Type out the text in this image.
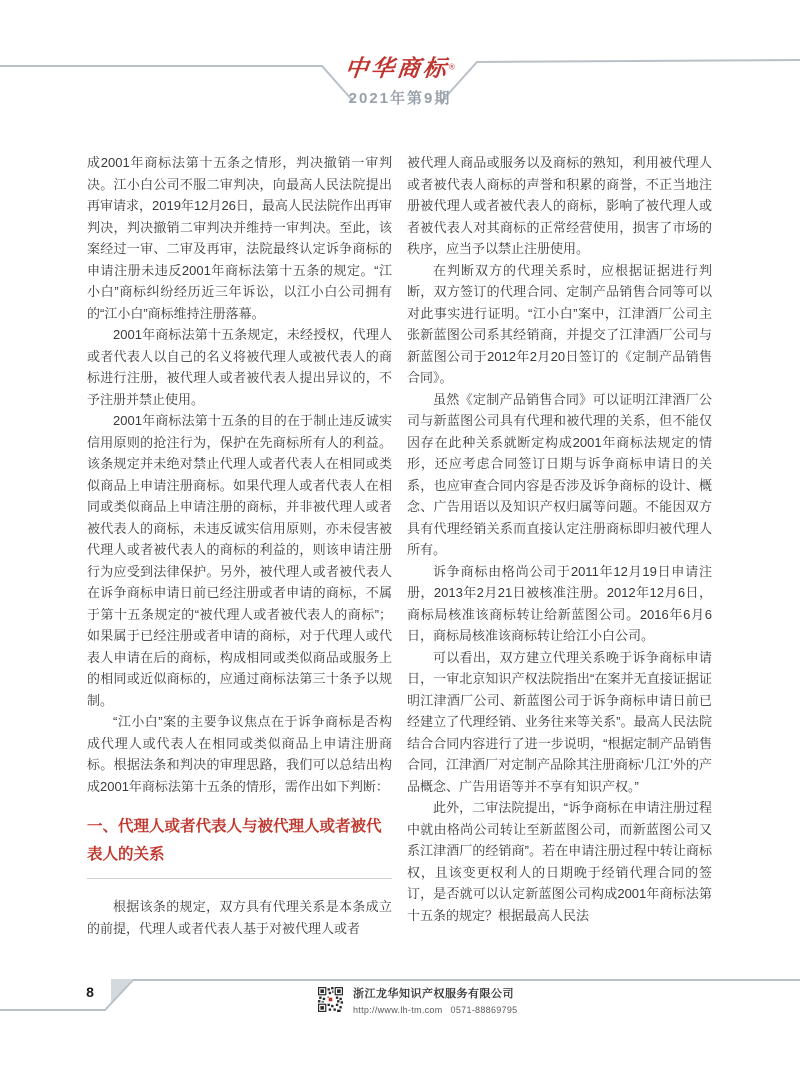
中华商标®
2021年第9期

成2001年商标法第十五条之情形，判决撤销一审判决。江小白公司不服二审判决，向最高人民法院提出再审请求，2019年12月26日，最高人民法院作出再审判决，判决撤销二审判决并维持一审判决。至此，该案经过一审、二审及再审，法院最终认定诉争商标的申请注册未违反2001年商标法第十五条的规定。“江小白”商标纠纷经历近三年诉讼，以江小白公司拥有的“江小白”商标维持注册落幕。

2001年商标法第十五条规定，未经授权，代理人或者代表人以自己的名义将被代理人或被代表人的商标进行注册，被代理人或者被代表人提出异议的，不予注册并禁止使用。

2001年商标法第十五条的目的在于制止违反诚实信用原则的抢注行为，保护在先商标所有人的利益。该条规定并未绝对禁止代理人或者代表人在相同或类似商品上申请注册商标。如果代理人或者代表人在相同或类似商品上申请注册的商标，并非被代理人或者被代表人的商标，未违反诚实信用原则，亦未侵害被代理人或者被代表人的商标的利益的，则该申请注册行为应受到法律保护。另外，被代理人或者被代表人在诉争商标申请日前已经注册或者申请的商标，不属于第十五条规定的“被代理人或者被代表人的商标”；如果属于已经注册或者申请的商标，对于代理人或代表人申请在后的商标，构成相同或类似商品或服务上的相同或近似商标的，应通过商标法第三十条予以规制。

“江小白”案的主要争议焦点在于诉争商标是否构成代理人或代表人在相同或类似商品上申请注册商标。根据法条和判决的审理思路，我们可以总结出构成2001年商标法第十五条的情形，需作出如下判断：

一、代理人或者代表人与被代理人或者被代表人的关系

根据该条的规定，双方具有代理关系是本条成立的前提，代理人或者代表人基于对被代理人或者

被代理人商品或服务以及商标的熟知，利用被代理人或者被代表人商标的声誉和积累的商誉，不正当地注册被代理人或者被代表人的商标，影响了被代理人或者被代表人对其商标的正常经营使用，损害了市场的秩序，应当予以禁止注册使用。

在判断双方的代理关系时，应根据证据进行判断，双方签订的代理合同、定制产品销售合同等可以对此事实进行证明。“江小白”案中，江津酒厂公司主张新蓝图公司系其经销商，并提交了江津酒厂公司与新蓝图公司于2012年2月20日签订的《定制产品销售合同》。

虽然《定制产品销售合同》可以证明江津酒厂公司与新蓝图公司具有代理和被代理的关系，但不能仅因存在此种关系就断定构成2001年商标法规定的情形，还应考虑合同签订日期与诉争商标申请日的关系，也应审查合同内容是否涉及诉争商标的设计、概念、广告用语以及知识产权归属等问题。不能因双方具有代理经销关系而直接认定注册商标即归被代理人所有。

诉争商标由格尚公司于2011年12月19日申请注册，2013年2月21日被核准注册。2012年12月6日，商标局核准该商标转让给新蓝图公司。2016年6月6日，商标局核准该商标转让给江小白公司。

可以看出，双方建立代理关系晚于诉争商标申请日，一审北京知识产权法院指出“在案并无直接证据证明江津酒厂公司、新蓝图公司于诉争商标申请日前已经建立了代理经销、业务往来等关系”。最高人民法院结合合同内容进行了进一步说明，“根据定制产品销售合同，江津酒厂对定制产品除其注册商标‘几江’外的产品概念、广告用语等并不享有知识产权。”

此外，二审法院提出，“诉争商标在申请注册过程中就由格尚公司转让至新蓝图公司，而新蓝图公司又系江津酒厂的经销商”。若在申请注册过程中转让商标权，且该变更权利人的日期晚于经销代理合同的签订，是否就可以认定新蓝图公司构成2001年商标法第十五条的规定？根据最高人民法

8	浙江龙华知识产权服务有限公司
http://www.lh-tm.com 0571-88869795
